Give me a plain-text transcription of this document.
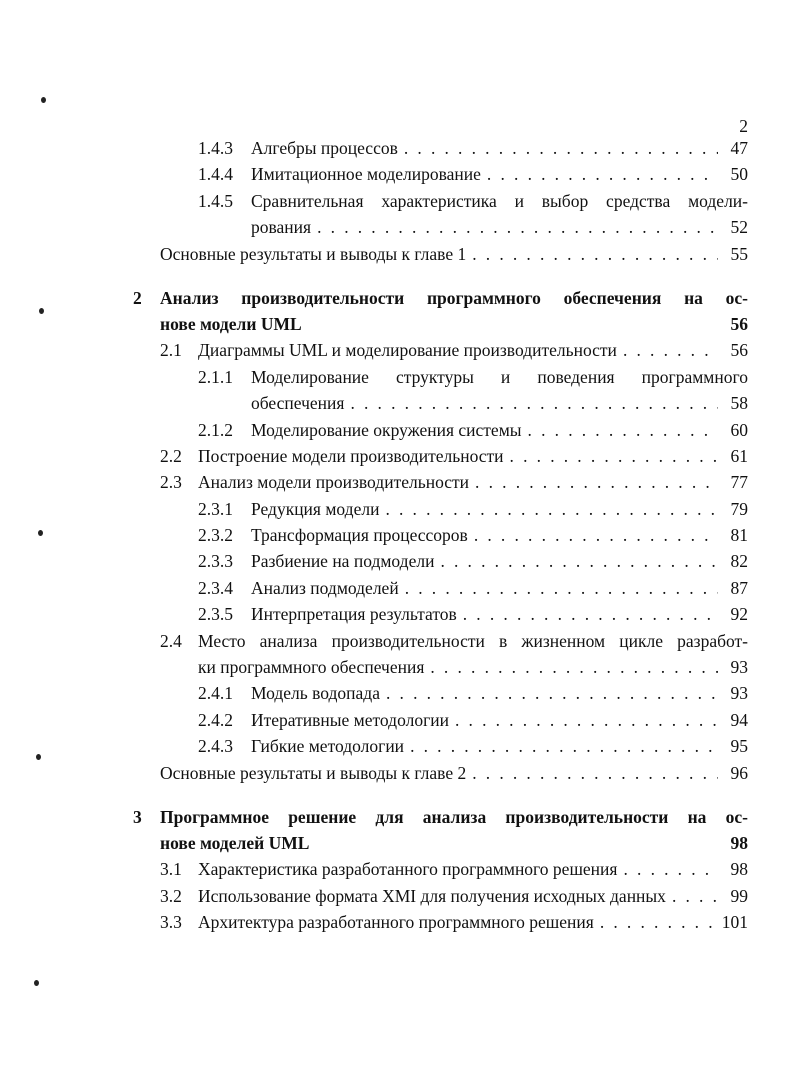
2
1.4.3 Алгебры процессов . . .	47
1.4.4 Имитационное моделирование . . .	50
1.4.5 Сравнительная характеристика и выбор средства модели-
рования . . .	52
Основные результаты и выводы к главе 1 . . .	55
2 Анализ производительности программного обеспечения на ос-
нове модели UML	56
2.1 Диаграммы UML и моделирование производительности . . .	56
2.1.1 Моделирование структуры и поведения программного
обеспечения . . .	58
2.1.2 Моделирование окружения системы . . .	60
2.2 Построение модели производительности . . .	61
2.3 Анализ модели производительности . . .	77
2.3.1 Редукция модели . . .	79
2.3.2 Трансформация процессоров . . .	81
2.3.3 Разбиение на подмодели . . .	82
2.3.4 Анализ подмоделей . . .	87
2.3.5 Интерпретация результатов . . .	92
2.4 Место анализа производительности в жизненном цикле разработ-
ки программного обеспечения . . .	93
2.4.1 Модель водопада . . .	93
2.4.2 Итеративные методологии . . .	94
2.4.3 Гибкие методологии . . .	95
Основные результаты и выводы к главе 2 . . .	96
3 Программное решение для анализа производительности на ос-
нове моделей UML	98
3.1 Характеристика разработанного программного решения . . .	98
3.2 Использование формата XMI для получения исходных данных . . .	99
3.3 Архитектура разработанного программного решения . . .	101
